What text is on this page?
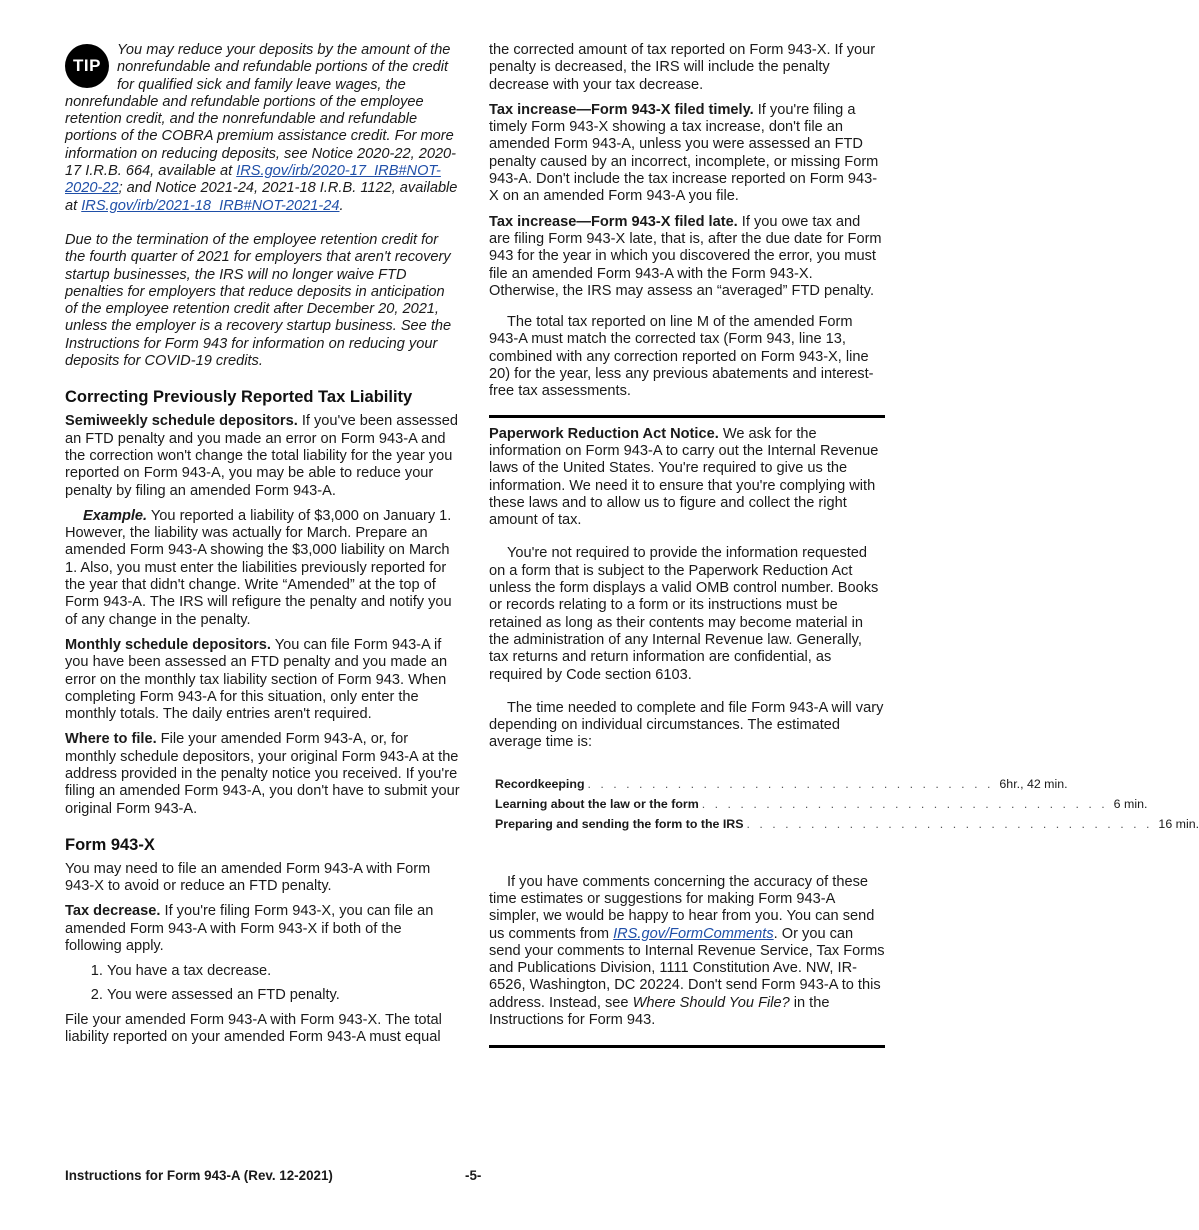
TIP

You may reduce your deposits by the amount of the nonrefundable and refundable portions of the credit for qualified sick and family leave wages, the nonrefundable and refundable portions of the employee retention credit, and the nonrefundable and refundable portions of the COBRA premium assistance credit. For more information on reducing deposits, see Notice 2020-22, 2020-17 I.R.B. 664, available at IRS.gov/irb/2020-17_IRB#NOT-2020-22; and Notice 2021-24, 2021-18 I.R.B. 1122, available at IRS.gov/irb/2021-18_IRB#NOT-2021-24.

Due to the termination of the employee retention credit for the fourth quarter of 2021 for employers that aren't recovery startup businesses, the IRS will no longer waive FTD penalties for employers that reduce deposits in anticipation of the employee retention credit after December 20, 2021, unless the employer is a recovery startup business. See the Instructions for Form 943 for information on reducing your deposits for COVID-19 credits.

Correcting Previously Reported Tax Liability

Semiweekly schedule depositors. If you've been assessed an FTD penalty and you made an error on Form 943-A and the correction won't change the total liability for the year you reported on Form 943-A, you may be able to reduce your penalty by filing an amended Form 943-A.

Example. You reported a liability of $3,000 on January 1. However, the liability was actually for March. Prepare an amended Form 943-A showing the $3,000 liability on March 1. Also, you must enter the liabilities previously reported for the year that didn't change. Write “Amended” at the top of Form 943-A. The IRS will refigure the penalty and notify you of any change in the penalty.

Monthly schedule depositors. You can file Form 943-A if you have been assessed an FTD penalty and you made an error on the monthly tax liability section of Form 943. When completing Form 943-A for this situation, only enter the monthly totals. The daily entries aren't required.

Where to file. File your amended Form 943-A, or, for monthly schedule depositors, your original Form 943-A at the address provided in the penalty notice you received. If you're filing an amended Form 943-A, you don't have to submit your original Form 943-A.

Form 943-X

You may need to file an amended Form 943-A with Form 943-X to avoid or reduce an FTD penalty.

Tax decrease. If you're filing Form 943-X, you can file an amended Form 943-A with Form 943-X if both of the following apply.

1. You have a tax decrease.
2. You were assessed an FTD penalty.

File your amended Form 943-A with Form 943-X. The total liability reported on your amended Form 943-A must equal

the corrected amount of tax reported on Form 943-X. If your penalty is decreased, the IRS will include the penalty decrease with your tax decrease.

Tax increase—Form 943-X filed timely. If you're filing a timely Form 943-X showing a tax increase, don't file an amended Form 943-A, unless you were assessed an FTD penalty caused by an incorrect, incomplete, or missing Form 943-A. Don't include the tax increase reported on Form 943-X on an amended Form 943-A you file.

Tax increase—Form 943-X filed late. If you owe tax and are filing Form 943-X late, that is, after the due date for Form 943 for the year in which you discovered the error, you must file an amended Form 943-A with the Form 943-X. Otherwise, the IRS may assess an “averaged” FTD penalty.

The total tax reported on line M of the amended Form 943-A must match the corrected tax (Form 943, line 13, combined with any correction reported on Form 943-X, line 20) for the year, less any previous abatements and interest-free tax assessments.

Paperwork Reduction Act Notice. We ask for the information on Form 943-A to carry out the Internal Revenue laws of the United States. You're required to give us the information. We need it to ensure that you're complying with these laws and to allow us to figure and collect the right amount of tax.

You're not required to provide the information requested on a form that is subject to the Paperwork Reduction Act unless the form displays a valid OMB control number. Books or records relating to a form or its instructions must be retained as long as their contents may become material in the administration of any Internal Revenue law. Generally, tax returns and return information are confidential, as required by Code section 6103.

The time needed to complete and file Form 943-A will vary depending on individual circumstances. The estimated average time is:

Recordkeeping . . . . . . . . . . . . . . . . . . . . . . . . . . . . . . . . 6hr., 42 min.
Learning about the law or the form . . . . . . . . . . . . . . . . . . . . . . . . . . . . . . . . 6 min.
Preparing and sending the form to the IRS . . . . . . . . . . . . . . . . . . . . . . . . . . . . . . . . 16 min.

If you have comments concerning the accuracy of these time estimates or suggestions for making Form 943-A simpler, we would be happy to hear from you. You can send us comments from IRS.gov/FormComments. Or you can send your comments to Internal Revenue Service, Tax Forms and Publications Division, 1111 Constitution Ave. NW, IR-6526, Washington, DC 20224. Don't send Form 943-A to this address. Instead, see Where Should You File? in the Instructions for Form 943.

Instructions for Form 943-A (Rev. 12-2021)	-5-
